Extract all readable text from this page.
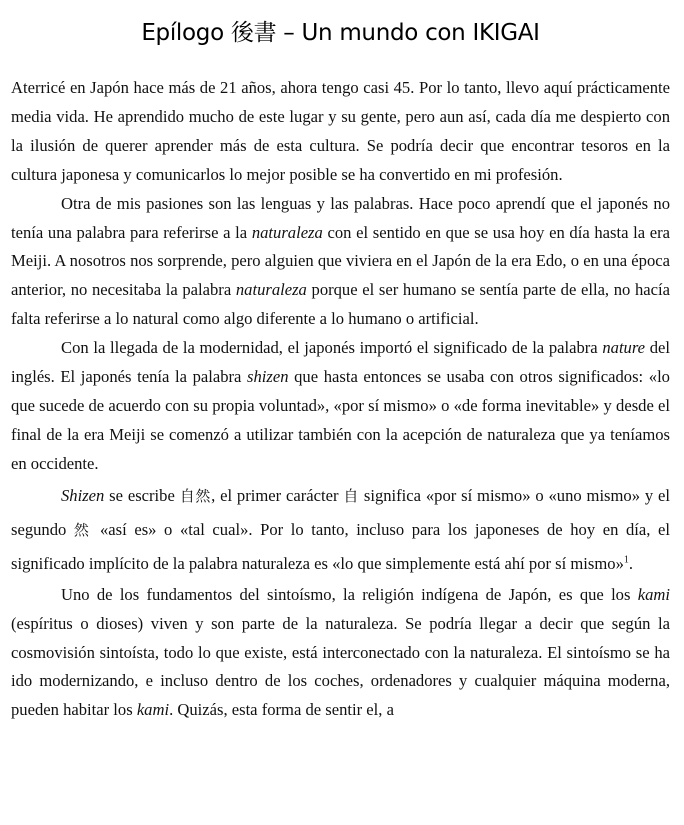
Epílogo 後書 – Un mundo con IKIGAI

Aterricé en Japón hace más de 21 años, ahora tengo casi 45. Por lo tanto, llevo aquí prácticamente media vida. He aprendido mucho de este lugar y su gente, pero aun así, cada día me despierto con la ilusión de querer aprender más de esta cultura. Se podría decir que encontrar tesoros en la cultura japonesa y comunicarlos lo mejor posible se ha convertido en mi profesión.

Otra de mis pasiones son las lenguas y las palabras. Hace poco aprendí que el japonés no tenía una palabra para referirse a la naturaleza con el sentido en que se usa hoy en día hasta la era Meiji. A nosotros nos sorprende, pero alguien que viviera en el Japón de la era Edo, o en una época anterior, no necesitaba la palabra naturaleza porque el ser humano se sentía parte de ella, no hacía falta referirse a lo natural como algo diferente a lo humano o artificial.

Con la llegada de la modernidad, el japonés importó el significado de la palabra nature del inglés. El japonés tenía la palabra shizen que hasta entonces se usaba con otros significados: «lo que sucede de acuerdo con su propia voluntad», «por sí mismo» o «de forma inevitable» y desde el final de la era Meiji se comenzó a utilizar también con la acepción de naturaleza que ya teníamos en occidente.

Shizen se escribe 自然, el primer carácter 自 significa «por sí mismo» o «uno mismo» y el segundo 然 «así es» o «tal cual». Por lo tanto, incluso para los japoneses de hoy en día, el significado implícito de la palabra naturaleza es «lo que simplemente está ahí por sí mismo»$^1$.

Uno de los fundamentos del sintoísmo, la religión indígena de Japón, es que los kami (espíritus o dioses) viven y son parte de la naturaleza. Se podría llegar a decir que según la cosmovisión sintoísta, todo lo que existe, está interconectado con la naturaleza. El sintoísmo se ha ido modernizando, e incluso dentro de los coches, ordenadores y cualquier máquina moderna, pueden habitar los kami. Quizás, esta forma de sentir el, a
